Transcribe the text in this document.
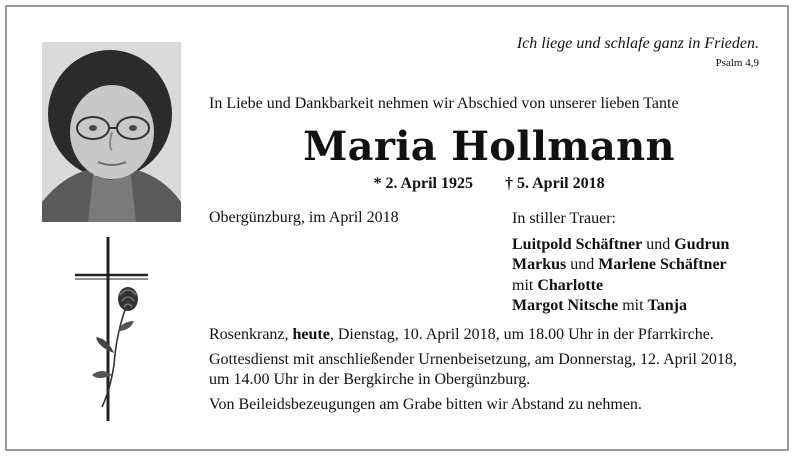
Ich liege und schlafe ganz in Frieden.
Psalm 4,9
In Liebe und Dankbarkeit nehmen wir Abschied von unserer lieben Tante
Maria Hollmann
* 2. April 1925 † 5. April 2018
Obergünzburg, im April 2018	In stiller Trauer:
Luitpold Schäftner und Gudrun
Markus und Marlene Schäftner
mit Charlotte
Margot Nitsche mit Tanja

Rosenkranz, heute, Dienstag, 10. April 2018, um 18.00 Uhr in der Pfarrkirche.

Gottesdienst mit anschließender Urnenbeisetzung, am Donnerstag, 12. April 2018, um 14.00 Uhr in der Bergkirche in Obergünzburg.

Von Beileidsbezeugungen am Grabe bitten wir Abstand zu nehmen.
